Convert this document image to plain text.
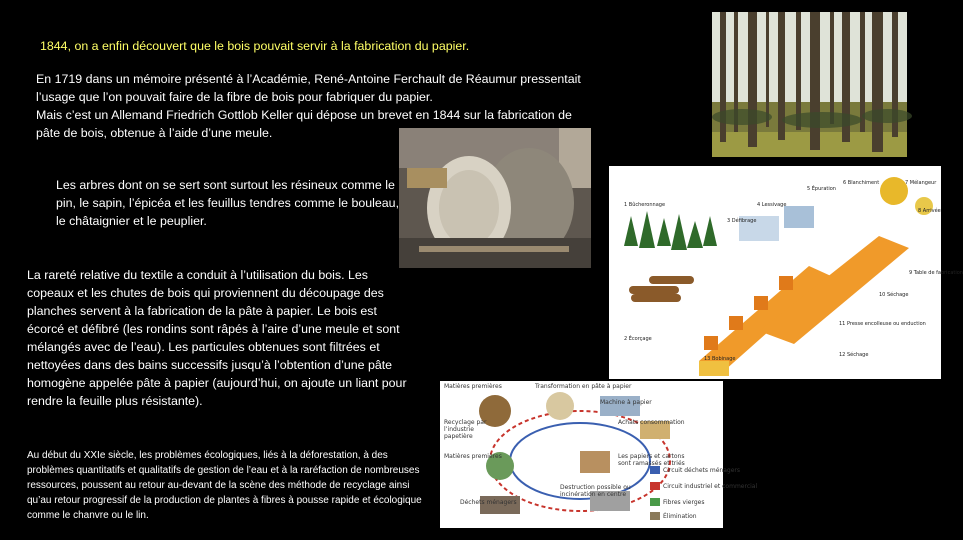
1844, on a enfin découvert que le bois pouvait servir à la fabrication du papier.

En 1719 dans un mémoire présenté à l’Académie, René-Antoine Ferchault de Réaumur pressentait
l’usage que l’on pouvait faire de la fibre de bois pour fabriquer du papier.
Mais c’est un Allemand Friedrich Gottlob Keller qui dépose un brevet en 1844 sur la fabrication de
pâte de bois, obtenue à l’aide d’une meule.

Les arbres dont on se sert sont surtout les résineux comme le pin, le sapin, l’épicéa et les feuillus tendres comme le bouleau, le châtaignier et le peuplier.

La rareté relative du textile a conduit à l’utilisation du bois. Les copeaux et les chutes de bois qui proviennent du découpage des planches servent à la fabrication de la pâte à papier. Le bois est écorcé et défibré (les rondins sont râpés à l’aire d’une meule et sont mélangés avec de l’eau). Les particules obtenues sont filtrées et nettoyées dans des bains successifs jusqu’à l’obtention d’une pâte homogène appelée pâte à papier (aujourd’hui, on ajoute un liant pour rendre la feuille plus résistante).

Au début du XXIe siècle, les problèmes écologiques, liés à la déforestation, à des problèmes quantitatifs et qualitatifs de gestion de l’eau et à la raréfaction de nombreuses ressources, poussent au retour au-devant de la scène des méthode de recyclage ainsi qu’au retour progressif de la production de plantes à fibres à pousse rapide et écologique comme le chanvre ou le lin.

1 Bûcheronnage
2 Écorçage
3 Défibrage
4 Lessivage
5 Épuration
6 Blanchiment	7 Mélangeur
8 Arrivée
9 Table de fabrication
10 Séchage
11 Presse encolleuse ou enduction
12 Séchage
13 Bobinage
Matières premières	Transformation en pâte à papier
Machine à papier
Recyclage par l’industrie papetière
Matières premières
Achats consommation
Les papiers et cartons sont ramassés et triés
Destruction possible ou incinération en centre
Déchets ménagers
Circuit déchets ménagers
Circuit industriel et commercial
Fibres vierges
Élimination
